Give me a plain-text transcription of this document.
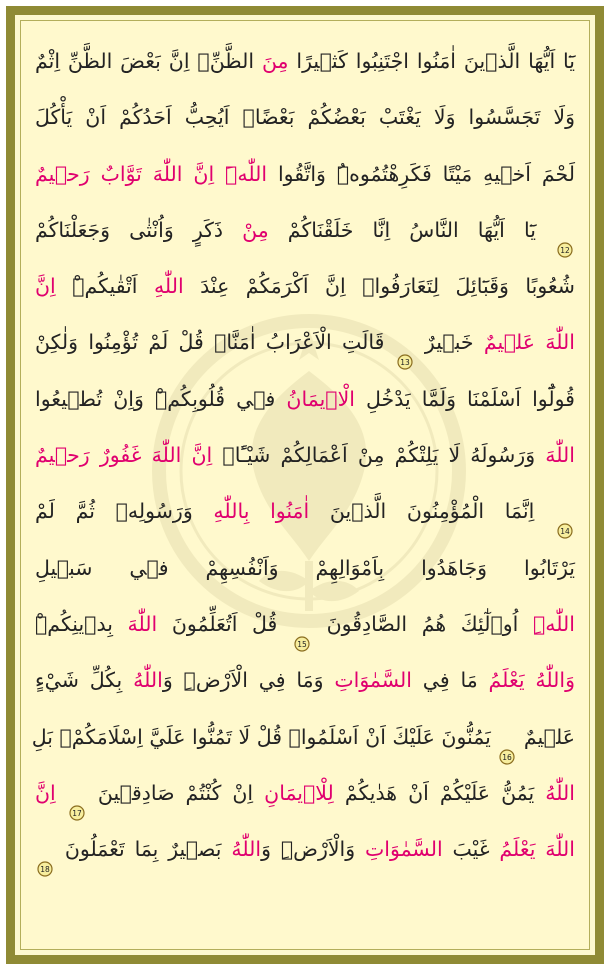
يَٓا اَيُّهَا الَّذ۪ينَ اٰمَنُوا اجْتَنِبُوا كَث۪يرًا مِنَ الظَّنِّۘ اِنَّ بَعْضَ الظَّنِّ اِثْمٌ
وَلَا تَجَسَّسُوا وَلَا يَغْتَبْ بَعْضُكُمْ بَعْضًاۜ اَيُحِبُّ اَحَدُكُمْ اَنْ يَأْكُلَ
لَحْمَ اَخ۪يهِ مَيْتًا فَكَرِهْتُمُوهُۜ وَاتَّقُوا اللّٰهَۜ اِنَّ اللّٰهَ تَوَّابٌ رَح۪يمٌ
12
يَٓا اَيُّهَا النَّاسُ اِنَّا خَلَقْنَاكُمْ مِنْ ذَكَرٍ وَاُنْثٰى وَجَعَلْنَاكُمْ
شُعُوبًا وَقَبَٓائِلَ لِتَعَارَفُواۜ اِنَّ اَكْرَمَكُمْ عِنْدَ اللّٰهِ اَتْقٰيكُمْۜ اِنَّ
اللّٰهَ عَل۪يمٌ خَب۪يرٌ
13
قَالَتِ الْاَعْرَابُ اٰمَنَّاۜ قُلْ لَمْ تُؤْمِنُوا وَلٰكِنْ
قُولُٓوا اَسْلَمْنَا وَلَمَّا يَدْخُلِ الْا۪يمَانُ ف۪ي قُلُوبِكُمْۜ وَاِنْ تُط۪يعُوا
اللّٰهَ وَرَسُولَهُ لَا يَلِتْكُمْ مِنْ اَعْمَالِكُمْ شَيْـًٔاۜ اِنَّ اللّٰهَ غَفُورٌ رَح۪يمٌ
14
اِنَّمَا الْمُؤْمِنُونَ الَّذ۪ينَ اٰمَنُوا بِاللّٰهِ وَرَسُولِه۪ ثُمَّ لَمْ
يَرْتَابُوا وَجَاهَدُوا بِاَمْوَالِهِمْ وَاَنْفُسِهِمْ ف۪ي سَب۪يلِ
اللّٰهِۜ اُو۬لٰٓئِكَ هُمُ الصَّادِقُونَ
15
قُلْ اَتُعَلِّمُونَ اللّٰهَ بِد۪ينِكُمْۜ
وَاللّٰهُ يَعْلَمُ مَا فِي السَّمٰوَاتِ وَمَا فِي الْاَرْضِۜ وَاللّٰهُ بِكُلِّ شَيْءٍ
عَل۪يمٌ
16
يَمُنُّونَ عَلَيْكَ اَنْ اَسْلَمُواۜ قُلْ لَا تَمُنُّوا عَلَيَّ اِسْلَامَكُمْۚ بَلِ
اللّٰهُ يَمُنُّ عَلَيْكُمْ اَنْ هَدٰيكُمْ لِلْا۪يمَانِ اِنْ كُنْتُمْ صَادِق۪ينَ
17
اِنَّ
اللّٰهَ يَعْلَمُ غَيْبَ السَّمٰوَاتِ وَالْاَرْضِۜ وَاللّٰهُ بَص۪يرٌ بِمَا تَعْمَلُونَ
18
